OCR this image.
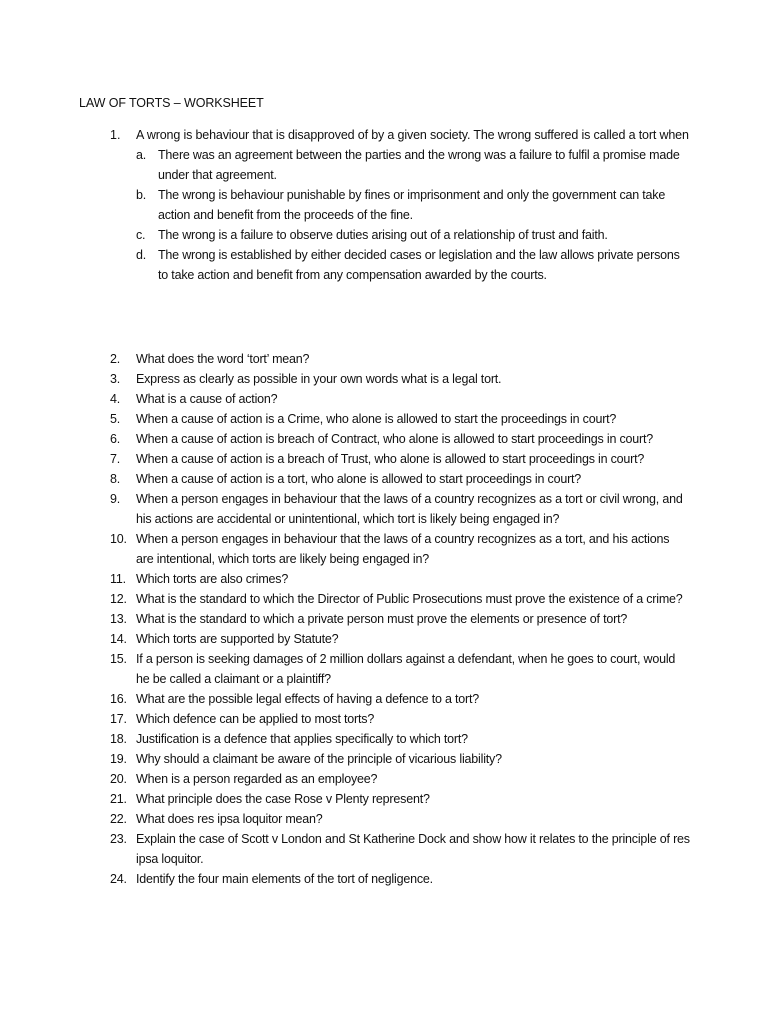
LAW OF TORTS – WORKSHEET
1. A wrong is behaviour that is disapproved of by a given society. The wrong suffered is called a tort when
a. There was an agreement between the parties and the wrong was a failure to fulfil a promise made under that agreement.
b. The wrong is behaviour punishable by fines or imprisonment and only the government can take action and benefit from the proceeds of the fine.
c. The wrong is a failure to observe duties arising out of a relationship of trust and faith.
d. The wrong is established by either decided cases or legislation and the law allows private persons to take action and benefit from any compensation awarded by the courts.
2. What does the word ‘tort’ mean?
3. Express as clearly as possible in your own words what is a legal tort.
4. What is a cause of action?
5. When a cause of action is a Crime, who alone is allowed to start the proceedings in court?
6. When a cause of action is breach of Contract, who alone is allowed to start proceedings in court?
7. When a cause of action is a breach of Trust, who alone is allowed to start proceedings in court?
8. When a cause of action is a tort, who alone is allowed to start proceedings in court?
9. When a person engages in behaviour that the laws of a country recognizes as a tort or civil wrong, and his actions are accidental or unintentional, which tort is likely being engaged in?
10. When a person engages in behaviour that the laws of a country recognizes as a tort, and his actions are intentional, which torts are likely being engaged in?
11. Which torts are also crimes?
12. What is the standard to which the Director of Public Prosecutions must prove the existence of a crime?
13. What is the standard to which a private person must prove the elements or presence of tort?
14. Which torts are supported by Statute?
15. If a person is seeking damages of 2 million dollars against a defendant, when he goes to court, would he be called a claimant or a plaintiff?
16. What are the possible legal effects of having a defence to a tort?
17. Which defence can be applied to most torts?
18. Justification is a defence that applies specifically to which tort?
19. Why should a claimant be aware of the principle of vicarious liability?
20. When is a person regarded as an employee?
21. What principle does the case Rose v Plenty represent?
22. What does res ipsa loquitor mean?
23. Explain the case of Scott v London and St Katherine Dock and show how it relates to the principle of res ipsa loquitor.
24. Identify the four main elements of the tort of negligence.
